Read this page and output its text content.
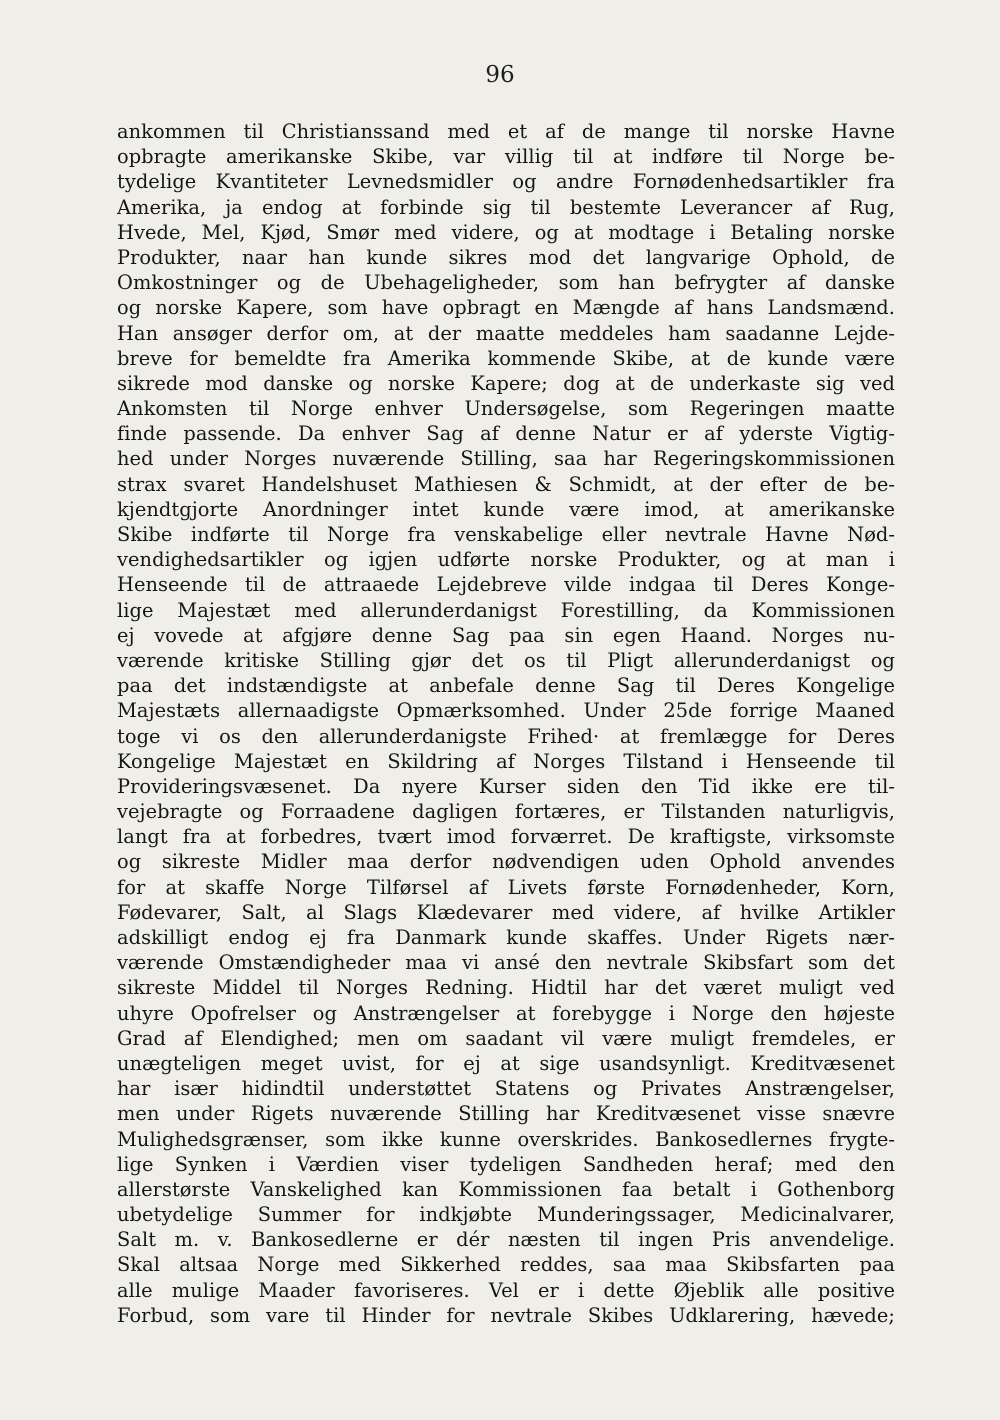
96

ankommen til Christianssand med et af de mange til norske Havne
opbragte amerikanske Skibe, var villig til at indføre til Norge be-
tydelige Kvantiteter Levnedsmidler og andre Fornødenhedsartikler fra
Amerika, ja endog at forbinde sig til bestemte Leverancer af Rug,
Hvede, Mel, Kjød, Smør med videre, og at modtage i Betaling norske
Produkter, naar han kunde sikres mod det langvarige Ophold, de
Omkostninger og de Ubehageligheder, som han befrygter af danske
og norske Kapere, som have opbragt en Mængde af hans Landsmænd.
Han ansøger derfor om, at der maatte meddeles ham saadanne Lejde-
breve for bemeldte fra Amerika kommende Skibe, at de kunde være
sikrede mod danske og norske Kapere; dog at de underkaste sig ved
Ankomsten til Norge enhver Undersøgelse, som Regeringen maatte
finde passende. Da enhver Sag af denne Natur er af yderste Vigtig-
hed under Norges nuværende Stilling, saa har Regeringskommissionen
strax svaret Handelshuset Mathiesen & Schmidt, at der efter de be-
kjendtgjorte Anordninger intet kunde være imod, at amerikanske
Skibe indførte til Norge fra venskabelige eller nevtrale Havne Nød-
vendighedsartikler og igjen udførte norske Produkter, og at man i
Henseende til de attraaede Lejdebreve vilde indgaa til Deres Konge-
lige Majestæt med allerunderdanigst Forestilling, da Kommissionen
ej vovede at afgjøre denne Sag paa sin egen Haand. Norges nu-
værende kritiske Stilling gjør det os til Pligt allerunderdanigst og
paa det indstændigste at anbefale denne Sag til Deres Kongelige
Majestæts allernaadigste Opmærksomhed. Under 25de forrige Maaned
toge vi os den allerunderdanigste Frihed· at fremlægge for Deres
Kongelige Majestæt en Skildring af Norges Tilstand i Henseende til
Provideringsvæsenet. Da nyere Kurser siden den Tid ikke ere til-
vejebragte og Forraadene dagligen fortæres, er Tilstanden naturligvis,
langt fra at forbedres, tvært imod forværret. De kraftigste, virksomste
og sikreste Midler maa derfor nødvendigen uden Ophold anvendes
for at skaffe Norge Tilførsel af Livets første Fornødenheder, Korn,
Fødevarer, Salt, al Slags Klædevarer med videre, af hvilke Artikler
adskilligt endog ej fra Danmark kunde skaffes. Under Rigets nær-
værende Omstændigheder maa vi ansé den nevtrale Skibsfart som det
sikreste Middel til Norges Redning. Hidtil har det været muligt ved
uhyre Opofrelser og Anstrængelser at forebygge i Norge den højeste
Grad af Elendighed; men om saadant vil være muligt fremdeles, er
unægteligen meget uvist, for ej at sige usandsynligt. Kreditvæsenet
har især hidindtil understøttet Statens og Privates Anstrængelser,
men under Rigets nuværende Stilling har Kreditvæsenet visse snævre
Mulighedsgrænser, som ikke kunne overskrides. Bankosedlernes frygte-
lige Synken i Værdien viser tydeligen Sandheden heraf; med den
allerstørste Vanskelighed kan Kommissionen faa betalt i Gothenborg
ubetydelige Summer for indkjøbte Munderingssager, Medicinalvarer,
Salt m. v. Bankosedlerne er dér næsten til ingen Pris anvendelige.
Skal altsaa Norge med Sikkerhed reddes, saa maa Skibsfarten paa
alle mulige Maader favoriseres. Vel er i dette Øjeblik alle positive
Forbud, som vare til Hinder for nevtrale Skibes Udklarering, hævede;
